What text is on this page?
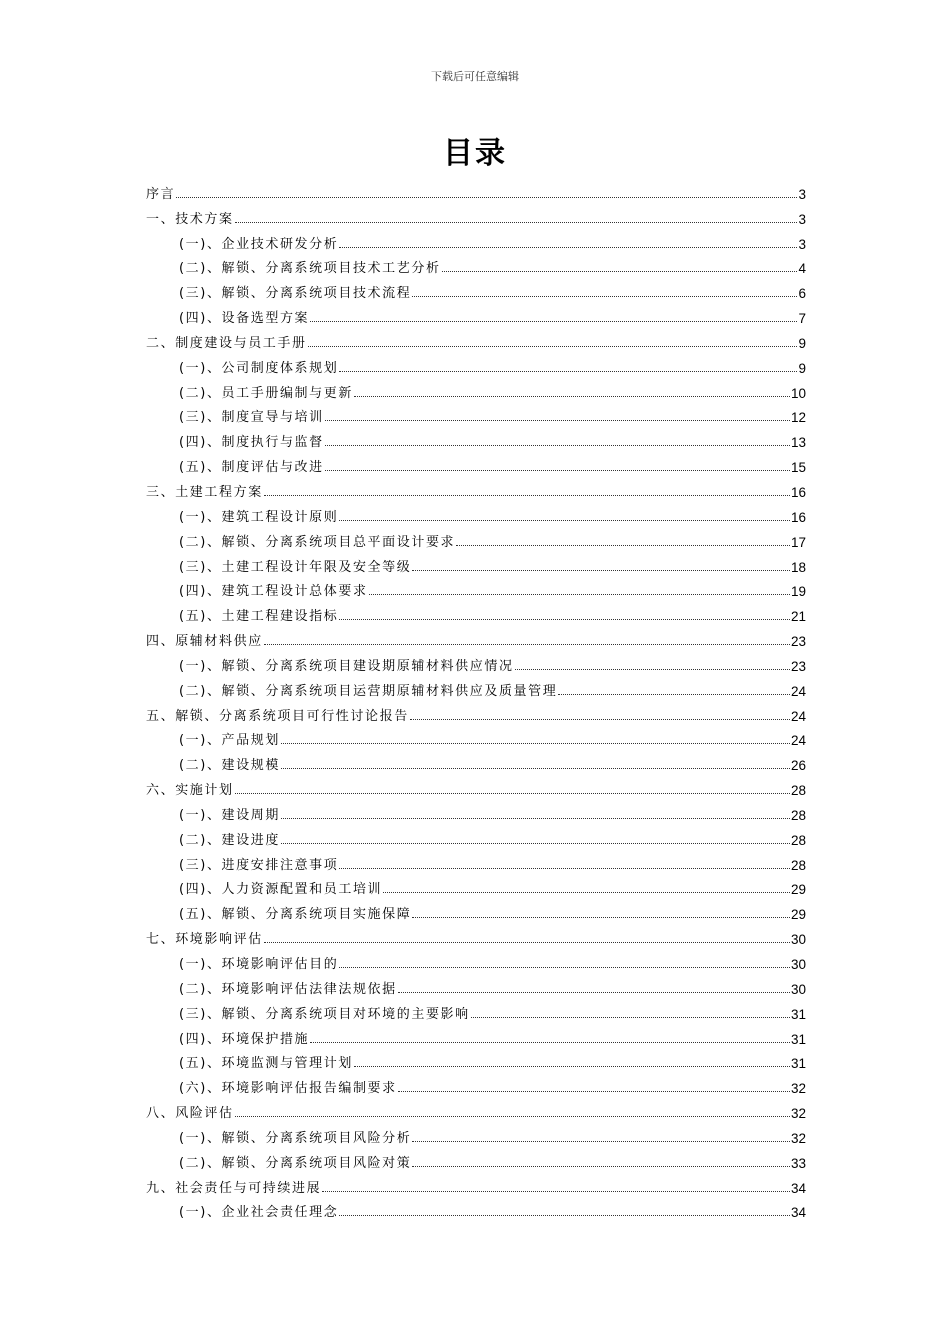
下载后可任意编辑
目录
序言	3
一、技术方案	3
(一)、企业技术研发分析	3
(二)、解锁、分离系统项目技术工艺分析	4
(三)、解锁、分离系统项目技术流程	6
(四)、设备选型方案	7
二、制度建设与员工手册	9
(一)、公司制度体系规划	9
(二)、员工手册编制与更新	10
(三)、制度宣导与培训	12
(四)、制度执行与监督	13
(五)、制度评估与改进	15
三、土建工程方案	16
(一)、建筑工程设计原则	16
(二)、解锁、分离系统项目总平面设计要求	17
(三)、土建工程设计年限及安全等级	18
(四)、建筑工程设计总体要求	19
(五)、土建工程建设指标	21
四、原辅材料供应	23
(一)、解锁、分离系统项目建设期原辅材料供应情况	23
(二)、解锁、分离系统项目运营期原辅材料供应及质量管理	24
五、解锁、分离系统项目可行性讨论报告	24
(一)、产品规划	24
(二)、建设规模	26
六、实施计划	28
(一)、建设周期	28
(二)、建设进度	28
(三)、进度安排注意事项	28
(四)、人力资源配置和员工培训	29
(五)、解锁、分离系统项目实施保障	29
七、环境影响评估	30
(一)、环境影响评估目的	30
(二)、环境影响评估法律法规依据	30
(三)、解锁、分离系统项目对环境的主要影响	31
(四)、环境保护措施	31
(五)、环境监测与管理计划	31
(六)、环境影响评估报告编制要求	32
八、风险评估	32
(一)、解锁、分离系统项目风险分析	32
(二)、解锁、分离系统项目风险对策	33
九、社会责任与可持续进展	34
(一)、企业社会责任理念	34
